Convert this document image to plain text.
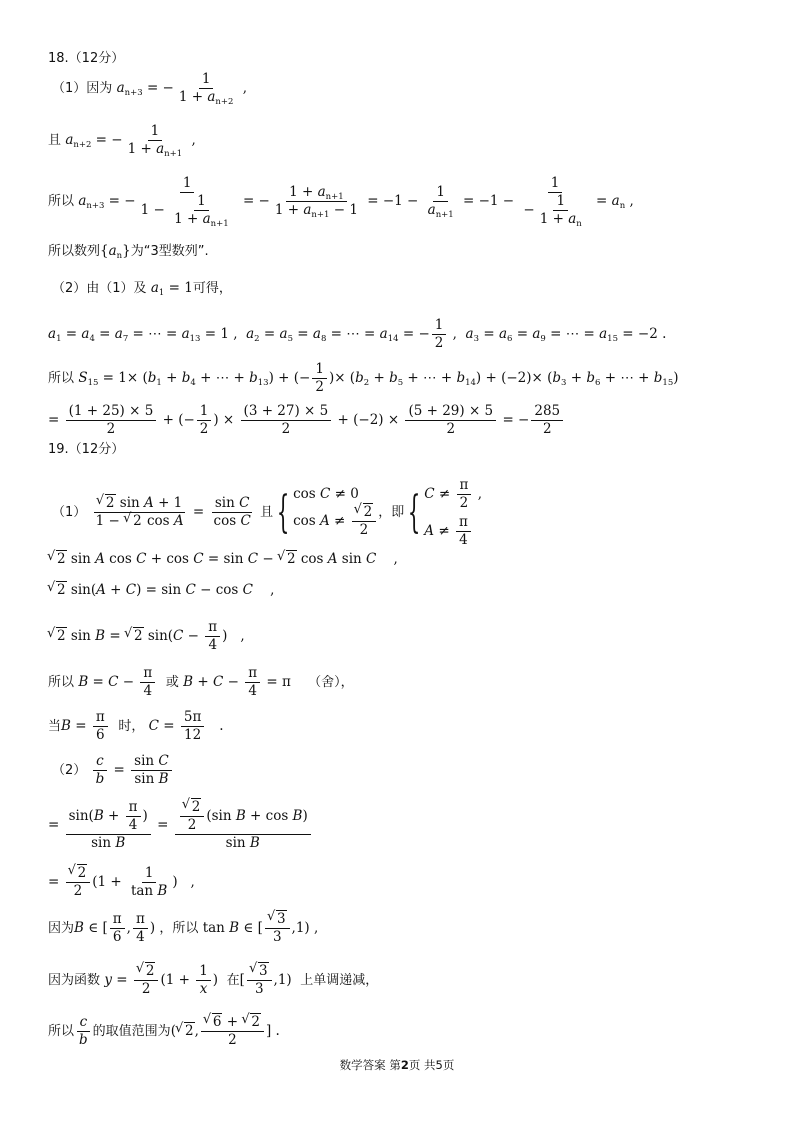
18.（12分）
（1）因为 $a_{n+3}$ = − $\frac{1}{1 + a_{n+2}}$ ,
且 $a_{n+2}$ = − $\frac{1}{1 + a_{n+1}}$ ,
所以 $a_{n+3}$ = − $\frac{1}{1 - \frac{1}{1 + a_{n+1}}}$ = − $\frac{1 + a_{n+1}}{1 + a_{n+1} - 1} = -1 - \frac{1}{a_{n+1}} = -1 - \frac{1}{- \frac{1}{1 + a_n}} = a_n$ ,
所以数列$\{a_n\}$为“3型数列”.
（2）由（1）及 $a_1 = 1$可得，
$a_1 = a_4 = a_7$ = ⋯ = $a_{13} = 1$ ,  $a_2 = a_5 = a_8$ = ⋯ = $a_{14}$ = − $\frac{1}{2}$ ,  $a_3 = a_6 = a_9$ = ⋯ = $a_{15} = -2$ .
所以 $S_{15} = 1\times (b_1 + b_4$ + ⋯ + $b_{13}$) + (− $\frac{1}{2}$ )× ($b_2 + b_5$ + ⋯ + $b_{14}) + (-2)\times (b_3 + b_6$ + ⋯ + $b_{15}$)
= $\frac{(1 + 25) \times 5}{2}$ + (− $\frac{1}{2}$ ) × $\frac{(3 + 27) \times 5}{2} + (-2) \times \frac{(5 + 29) \times 5}{2}$ = − $\frac{285}{2}$
19.（12分）
（1） √ $\frac{\text{2 sin A + 1}}{\text{1 − √ 2 cos A}} = \frac{\text{sin C}}{\text{cos C}}$ 且{ cos C ≠ 0
cos A ≠ √ $\frac{2}{2}$ ，即{ $C \ne \frac{\pi}{2}$ ,
$A \ne \frac{\pi}{4}$
√ 2 sin A cos C + cos C = sin C − √ 2 cos A sin C    ,
√ 2 sin(A + C) = sin C − cos C    ,
√ 2 sin B = √ 2 $\sin(C - \frac{\pi}{4}$ )   ,
所以 $B = C - \frac{\pi}{4}$ 或 $B + C - \frac{\pi}{4} = \pi$    （舍），
当$B = \frac{\pi}{6}$ 时， $C = \frac{5\pi}{12}$ .
$(2) \frac{c}{b} = \frac{\text{sin C}}{\text{sin B}}$
= $\frac{\sin(B + \frac{\pi}{4} )}{\text{sin B}}$ = √ $\frac{\frac{2}{2} (\sin B + \cos B)}{\text{sin B}}$
= √ $\frac{2}{2} (1 + \frac{1}{\text{tan B}}$ )   ,
因为B ∈ [ $\frac{\pi}{6}$ , $\frac{\pi}{4}$ ) ，所以 tan B ∈ [ √ $\frac{3}{3} ,1$) ,
因为函数 y = √ $\frac{2}{2} (1 + \frac{1}{x}$ )  在[ √ $\frac{3}{3} ,1$)  上单调递减，
所以 $\frac{c}{b}$ 的取值范围为( √ 2, √ $\frac{6 + √ 2}{2}$ ] .
数学答案 第2页 共5页
